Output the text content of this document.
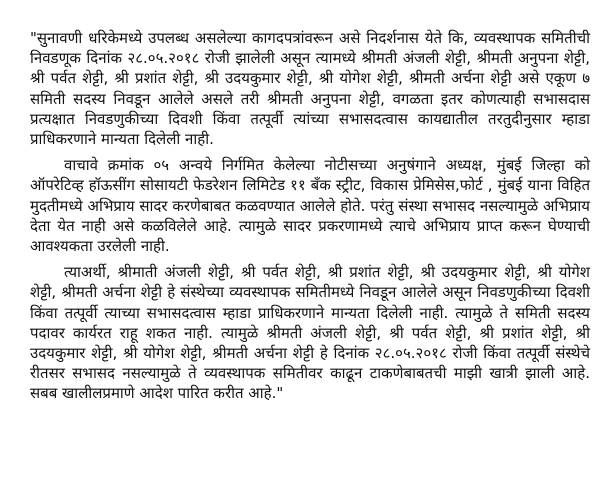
"सुनावणी धरिकेमध्ये उपलब्ध असलेल्या कागदपत्रांवरून असे निदर्शनास येते कि, व्यवस्थापक समितीची निवडणूक दिनांक २८.०५.२०१८ रोजी झालेली असून त्यामध्ये श्रीमती अंजली शेट्टी, श्रीमती अनुपना शेट्टी, श्री पर्वत शेट्टी, श्री प्रशांत शेट्टी, श्री उदयकुमार शेट्टी, श्री योगेश शेट्टी, श्रीमती अर्चना शेट्टी असे एकूण ७ समिती सदस्य निवडून आलेले असले तरी श्रीमती अनुपना शेट्टी, वगळता इतर कोणत्याही सभासदास प्रत्यक्षात निवडणुकीच्या दिवशी किंवा तत्पूर्वी त्यांच्या सभासदत्वास कायद्यातील तरतुदीनुसार म्हाडा प्राधिकरणाने मान्यता दिलेली नाही.

वाचावे क्रमांक ०५ अन्वये निर्गमित केलेल्या नोटीसच्या अनुषंगाने अध्यक्ष, मुंबई जिल्हा को ऑपरेटिव्ह हॉऊसींग सोसायटी फेडरेशन लिमिटेड ११ बँक स्ट्रीट, विकास प्रेमिसेस,फोर्ट , मुंबई याना विहित मुदतीमध्ये अभिप्राय सादर करणेबाबत कळवण्यात आलेले होते. परंतु संस्था सभासद नसल्यामुळे अभिप्राय देता येत नाही असे कळविलेले आहे. त्यामुळे सादर प्रकरणामध्ये त्याचे अभिप्राय प्राप्त करून घेण्याची आवश्यकता उरलेली नाही.

त्याअर्थी, श्रीमाती अंजली शेट्टी, श्री पर्वत शेट्टी, श्री प्रशांत शेट्टी, श्री उदयकुमार शेट्टी, श्री योगेश शेट्टी, श्रीमती अर्चना शेट्टी हे संस्थेच्या व्यवस्थापक समितीमध्ये निवडून आलेले असून निवडणुकीच्या दिवशी किंवा तत्पूर्वी त्याच्या सभासदत्वास म्हाडा प्राधिकरणाने मान्यता दिलेली नाही. त्यामुळे ते समिती सदस्य पदावर कार्यरत राहू शकत नाही. त्यामुळे श्रीमती अंजली शेट्टी, श्री पर्वत शेट्टी, श्री प्रशांत शेट्टी, श्री उदयकुमार शेट्टी, श्री योगेश शेट्टी, श्रीमती अर्चना शेट्टी हे दिनांक २८.०५.२०१८ रोजी किंवा तत्पूर्वी संस्थेचे रीतसर सभासद नसल्यामुळे ते व्यवस्थापक समितीवर काढून टाकणेबाबतची माझी खात्री झाली आहे. सबब खालीलप्रमाणे आदेश पारित करीत आहे."
